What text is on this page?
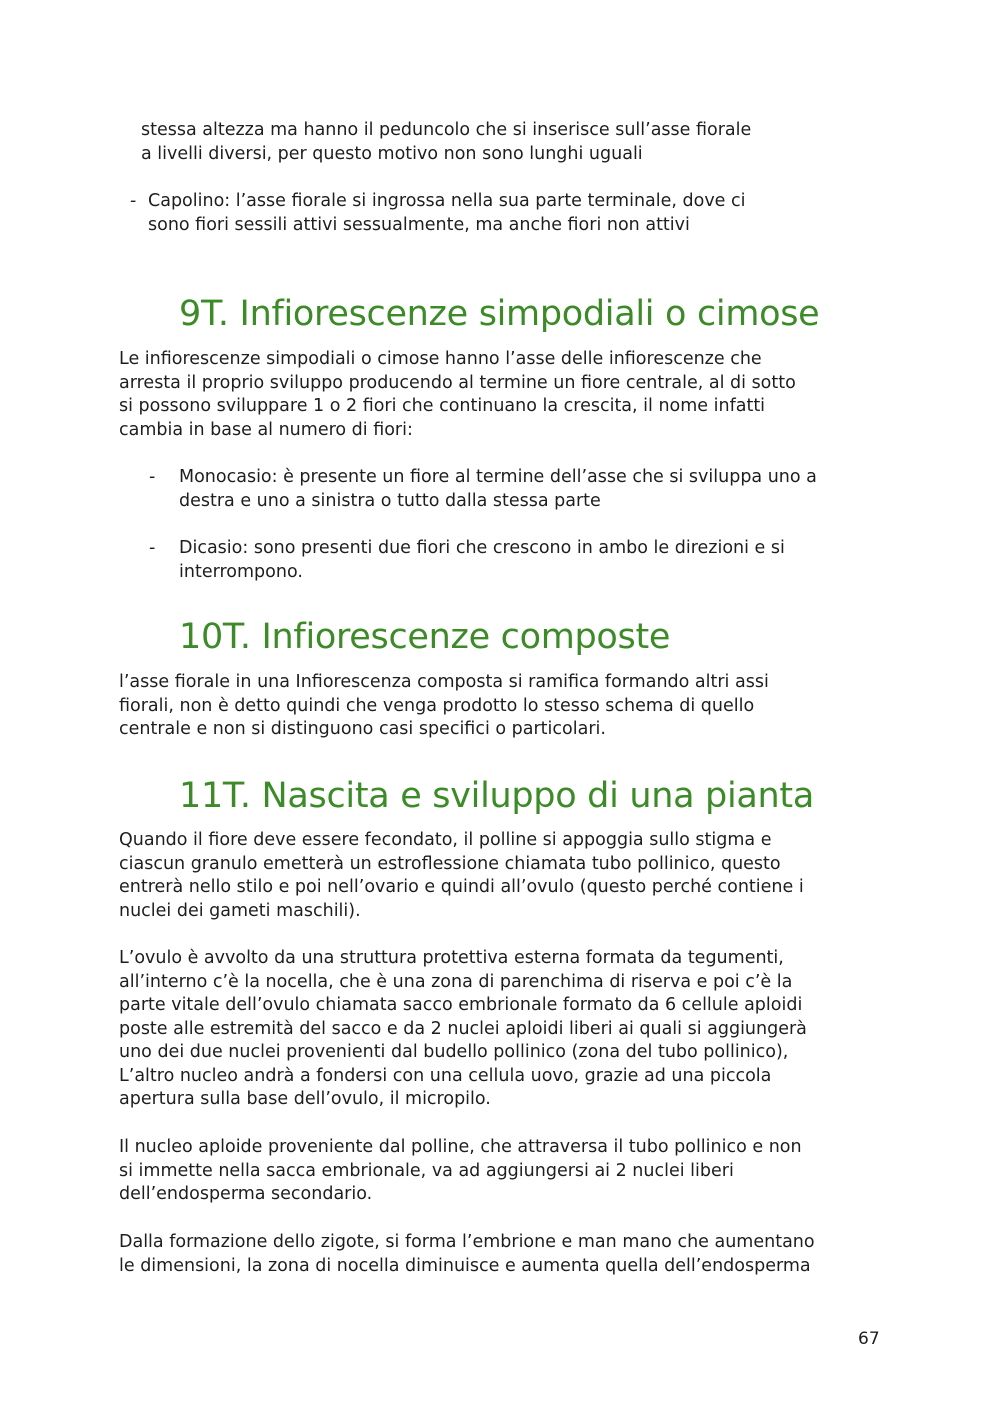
stessa altezza ma hanno il peduncolo che si inserisce sull’asse fiorale
a livelli diversi, per questo motivo non sono lunghi uguali
- Capolino: l’asse fiorale si ingrossa nella sua parte terminale, dove ci
sono fiori sessili attivi sessualmente, ma anche fiori non attivi
9T. Infiorescenze simpodiali o cimose
Le infiorescenze simpodiali o cimose hanno l’asse delle infiorescenze che
arresta il proprio sviluppo producendo al termine un fiore centrale, al di sotto
si possono sviluppare 1 o 2 fiori che continuano la crescita, il nome infatti
cambia in base al numero di fiori:
- Monocasio: è presente un fiore al termine dell’asse che si sviluppa uno a
destra e uno a sinistra o tutto dalla stessa parte
- Dicasio: sono presenti due fiori che crescono in ambo le direzioni e si
interrompono.
10T. Infiorescenze composte
l’asse fiorale in una Infiorescenza composta si ramifica formando altri assi
fiorali, non è detto quindi che venga prodotto lo stesso schema di quello
centrale e non si distinguono casi specifici o particolari.
11T. Nascita e sviluppo di una pianta
Quando il fiore deve essere fecondato, il polline si appoggia sullo stigma e
ciascun granulo emetterà un estroflessione chiamata tubo pollinico, questo
entrerà nello stilo e poi nell’ovario e quindi all’ovulo (questo perché contiene i
nuclei dei gameti maschili).
L’ovulo è avvolto da una struttura protettiva esterna formata da tegumenti,
all’interno c’è la nocella, che è una zona di parenchima di riserva e poi c’è la
parte vitale dell’ovulo chiamata sacco embrionale formato da 6 cellule aploidi
poste alle estremità del sacco e da 2 nuclei aploidi liberi ai quali si aggiungerà
uno dei due nuclei provenienti dal budello pollinico (zona del tubo pollinico),
L’altro nucleo andrà a fondersi con una cellula uovo, grazie ad una piccola
apertura sulla base dell’ovulo, il micropilo.
Il nucleo aploide proveniente dal polline, che attraversa il tubo pollinico e non
si immette nella sacca embrionale, va ad aggiungersi ai 2 nuclei liberi
dell’endosperma secondario.
Dalla formazione dello zigote, si forma l’embrione e man mano che aumentano
le dimensioni, la zona di nocella diminuisce e aumenta quella dell’endosperma
67
